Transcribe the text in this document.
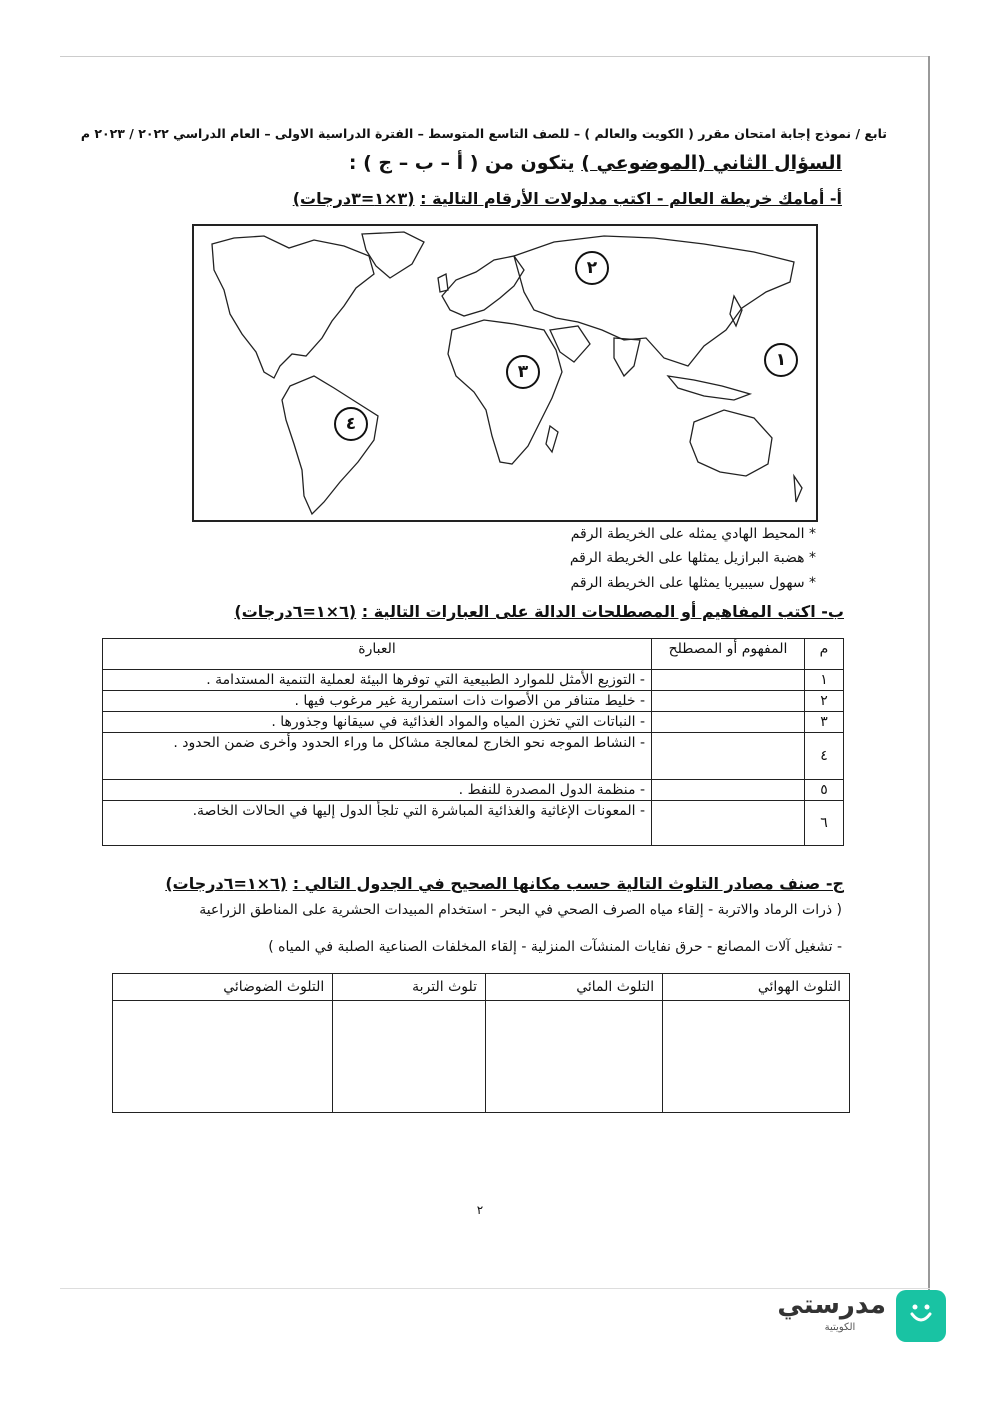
تابع / نموذج إجابة امتحان مقرر ( الكويت والعالم ) – للصف التاسع المتوسط – الفترة الدراسية الاولى – العام الدراسي ٢٠٢٢ / ٢٠٢٣ م
السؤال الثاني (الموضوعي ) يتكون من ( أ – ب – ج ) :
أ- أمامك خريطة العالم - اكتب مدلولات الأرقام التالية : (٣×١=٣درجات)
١
٢
٣
٤
* المحيط الهادي يمثله على الخريطة الرقم
* هضبة البرازيل يمثلها على الخريطة الرقم
* سهول سيبيريا يمثلها على الخريطة الرقم
ب- اكتب المفاهيم أو المصطلحات الدالة على العبارات التالية : (٦×١=٦درجات)
م	المفهوم أو المصطلح	العبارة
١		- التوزيع الأمثل للموارد الطبيعية التي توفرها البيئة لعملية التنمية المستدامة .
٢		- خليط متنافر من الأصوات ذات استمرارية غير مرغوب فيها .
٣		- النباتات التي تخزن المياه والمواد الغذائية في سيقانها وجذورها .
٤		- النشاط الموجه نحو الخارج لمعالجة مشاكل ما وراء الحدود وأخرى ضمن الحدود .
٥		- منظمة الدول المصدرة للنفط .
٦		- المعونات الإغاثية والغذائية المباشرة التي تلجأ الدول إليها في الحالات الخاصة.
ج- صنف مصادر التلوث التالية حسب مكانها الصحيح في الجدول التالي : (٦×١=٦درجات)
( ذرات الرماد والاتربة - إلقاء مياه الصرف الصحي في البحر - استخدام المبيدات الحشرية على المناطق الزراعية
- تشغيل آلات المصانع - حرق نفايات المنشآت المنزلية - إلقاء المخلفات الصناعية الصلبة في المياه )
التلوث الهوائي	التلوث المائي	تلوث التربة	التلوث الضوضائي

٢
مدرستي
الكويتية
